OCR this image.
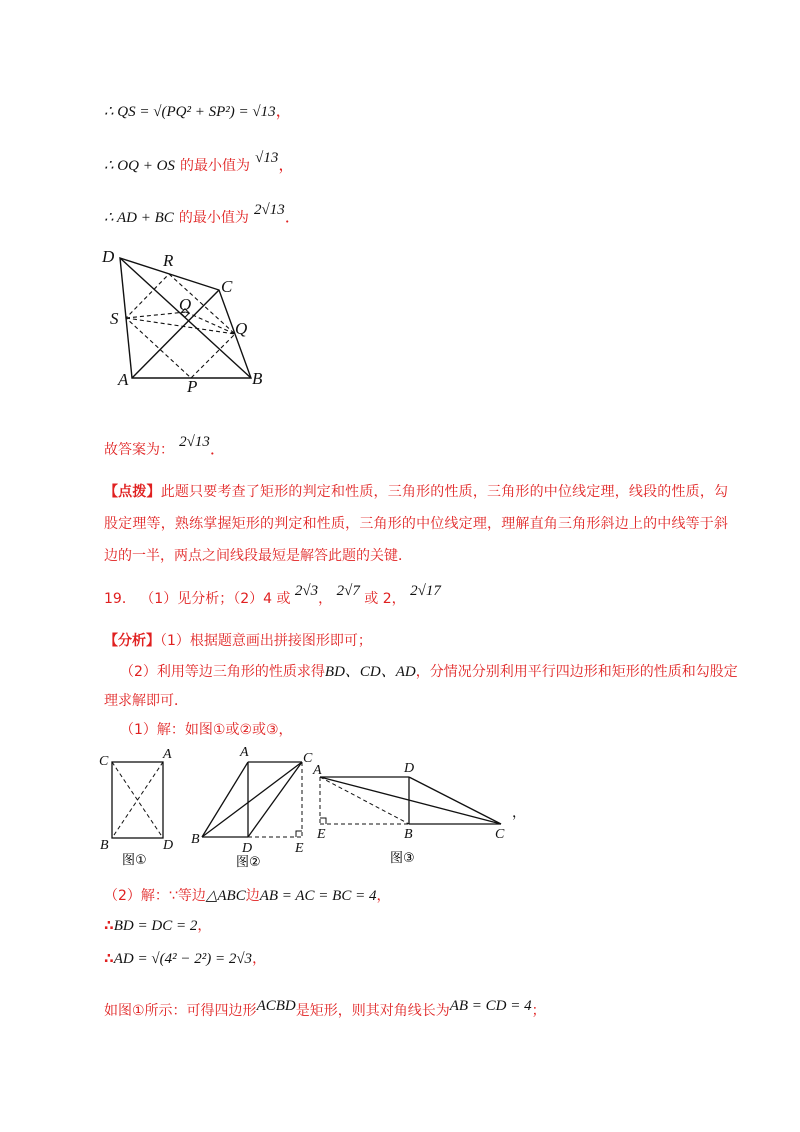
∴ QS = √(PQ² + SP²) = √13，
∴ OQ + OS 的最小值为 √13，
∴ AD + BC 的最小值为 2√13．
D	R
C
O
S
Q
A	P	B
故答案为： 2√13．
【点拨】此题只要考查了矩形的判定和性质，三角形的性质，三角形的中位线定理，线段的性质，勾股定理等，熟练掌握矩形的判定和性质，三角形的中位线定理，理解直角三角形斜边上的中线等于斜边的一半，两点之间线段最短是解答此题的关键．
19． （1）见分析；（2）4 或 2√3， 2√7 或 2， 2√17
【分析】（1）根据题意画出拼接图形即可；
（2）利用等边三角形的性质求得BD、CD、AD，分情况分别利用平行四边形和矩形的性质和勾股定
理求解即可．
（1）解：如图①或②或③，
C	A
B	D
图①
A	C
B
D	E
图②
A	D
E	B	C
图③
，
（2）解：∵等边△ABC边AB = AC = BC = 4，
∴BD = DC = 2，
∴AD = √(4² − 2²) = 2√3，
如图①所示：可得四边形ACBD是矩形，则其对角线长为AB = CD = 4；
